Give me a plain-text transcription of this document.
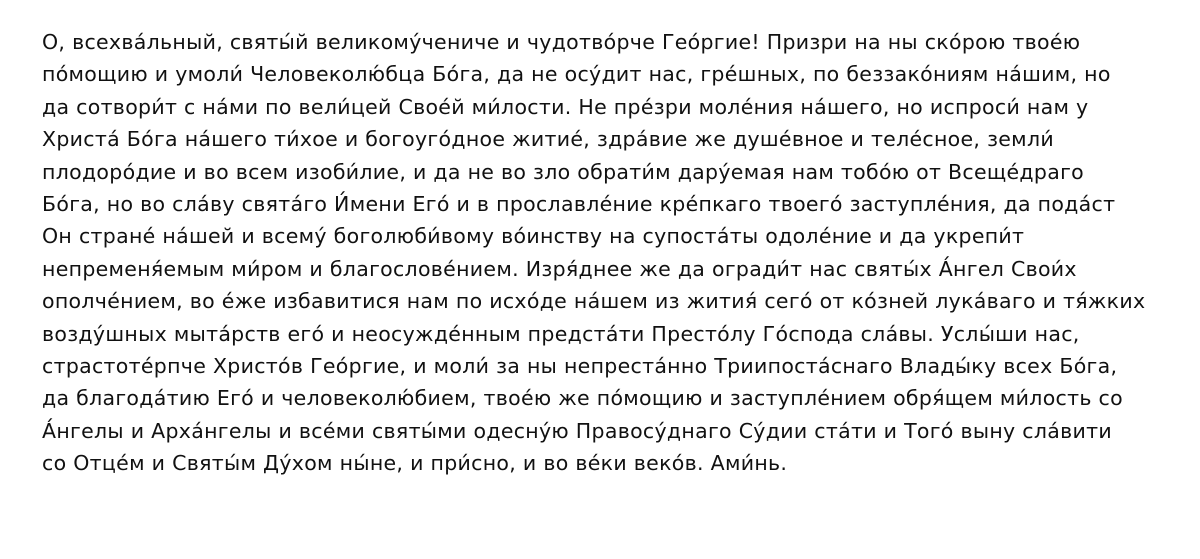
О, всехва́льный, святы́й великому́чениче и чудотво́рче Гео́ргие! Призри на ны ско́рою твое́ю
по́мощию и умоли́ Человеколю́бца Бо́га, да не осу́дит нас, гре́шных, по беззако́ниям на́шим, но
да сотвори́т с на́ми по вели́цей Свое́й ми́лости. Не пре́зри моле́ния на́шего, но испроси́ нам у
Христа́ Бо́га на́шего ти́хое и богоуго́дное житие́, здра́вие же душе́вное и теле́сное, земли́
плодоро́дие и во всем изоби́лие, и да не во зло обрати́м дару́емая нам тобо́ю от Всеще́драго
Бо́га, но во сла́ву свята́го И́мени Его́ и в прославле́ние кре́пкаго твоего́ заступле́ния, да пода́ст
Он стране́ на́шей и всему́ боголюби́вому во́инству на супоста́ты одоле́ние и да укрепи́т
непременя́емым ми́ром и благослове́нием. Изря́днее же да огради́т нас святы́х А́нгел Свои́х
ополче́нием, во е́же избавитися нам по исхо́де на́шем из жития́ сего́ от ко́зней лука́ваго и тя́жких
возду́шных мыта́рств его́ и неосужде́нным предста́ти Престо́лу Го́спода сла́вы. Услы́ши нас,
страстоте́рпче Христо́в Гео́ргие, и моли́ за ны непреста́нно Триипоста́снаго Влады́ку всех Бо́га,
да благода́тию Его́ и человеколю́бием, твое́ю же по́мощию и заступле́нием обря́щем ми́лость со
А́нгелы и Арха́нгелы и все́ми святы́ми одесну́ю Правосу́днаго Су́дии ста́ти и Того́ выну сла́вити
со Отце́м и Святы́м Ду́хом ны́не, и при́сно, и во ве́ки веко́в. Ами́нь.
